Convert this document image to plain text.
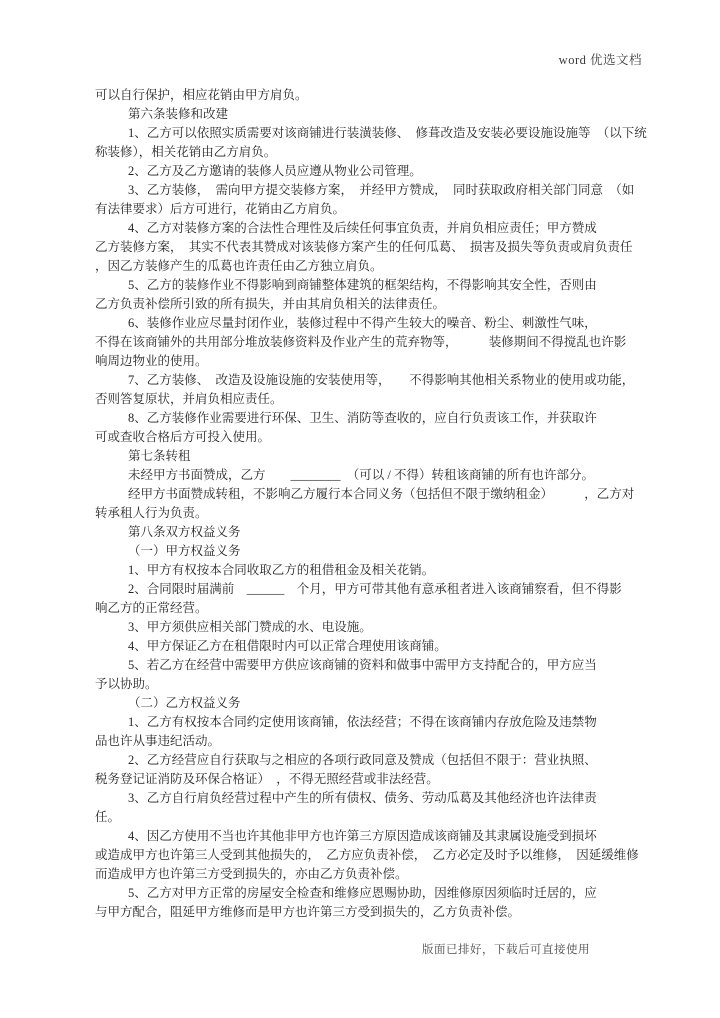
word 优选文档
可以自行保护，相应花销由甲方肩负。
第六条装修和改建
1、乙方可以依照实质需要对该商铺进行装潢装修、　修葺改造及安装必要设施设施等　（以下统
称装修），相关花销由乙方肩负。
2、乙方及乙方邀请的装修人员应遵从物业公司管理。
3、乙方装修，　需向甲方提交装修方案，　并经甲方赞成，　同时获取政府相关部门同意　（如
有法律要求）后方可进行，花销由乙方肩负。
4、乙方对装修方案的合法性合理性及后续任何事宜负责，并肩负相应责任；甲方赞成
乙方装修方案，　其实不代表其赞成对该装修方案产生的任何瓜葛、　损害及损失等负责或肩负责任
，因乙方装修产生的瓜葛也许责任由乙方独立肩负。
5、乙方的装修作业不得影响到商铺整体建筑的框架结构，不得影响其安全性，否则由
乙方负责补偿所引致的所有损失，并由其肩负相关的法律责任。
6、装修作业应尽量封闭作业，装修过程中不得产生较大的噪音、粉尘、刺激性气味，
不得在该商铺外的共用部分堆放装修资料及作业产生的荒弃物等，　　　装修期间不得搅乱也许影
响周边物业的使用。
7、乙方装修、　改造及设施设施的安装使用等，　　不得影响其他相关系物业的使用或功能，
否则答复原状，并肩负相应责任。
8、乙方装修作业需要进行环保、卫生、消防等查收的，应自行负责该工作，并获取许
可或查收合格后方可投入使用。
第七条转租
未经甲方书面赞成，乙方　　________　（可以 / 不得）转租该商铺的所有也许部分。
经甲方书面赞成转租，不影响乙方履行本合同义务（包括但不限于缴纳租金）　　　，乙方对
转承租人行为负责。
第八条双方权益义务
（一）甲方权益义务
1、甲方有权按本合同收取乙方的租借租金及相关花销。
2、合同限时届满前　______　个月，甲方可带其他有意承租者进入该商铺察看，但不得影
响乙方的正常经营。
3、甲方须供应相关部门赞成的水、电设施。
4、甲方保证乙方在租借限时内可以正常合理使用该商铺。
5、若乙方在经营中需要甲方供应该商铺的资料和做事中需甲方支持配合的，甲方应当
予以协助。
（二）乙方权益义务
1、乙方有权按本合同约定使用该商铺，依法经营；不得在该商铺内存放危险及违禁物
品也许从事违纪活动。
2、乙方经营应自行获取与之相应的各项行政同意及赞成（包括但不限于：营业执照、
税务登记证消防及环保合格证）　，不得无照经营或非法经营。
3、乙方自行肩负经营过程中产生的所有债权、债务、劳动瓜葛及其他经济也许法律责
任。
4、因乙方使用不当也许其他非甲方也许第三方原因造成该商铺及其隶属设施受到损坏
或造成甲方也许第三人受到其他损失的，　乙方应负责补偿，　乙方必定及时予以维修，　因延缓维修
而造成甲方也许第三方受到损失的，亦由乙方负责补偿。
5、乙方对甲方正常的房屋安全检查和维修应恩赐协助，因维修原因须临时迁居的，应
与甲方配合，阻延甲方维修而是甲方也许第三方受到损失的，乙方负责补偿。
版面已排好，下载后可直接使用
